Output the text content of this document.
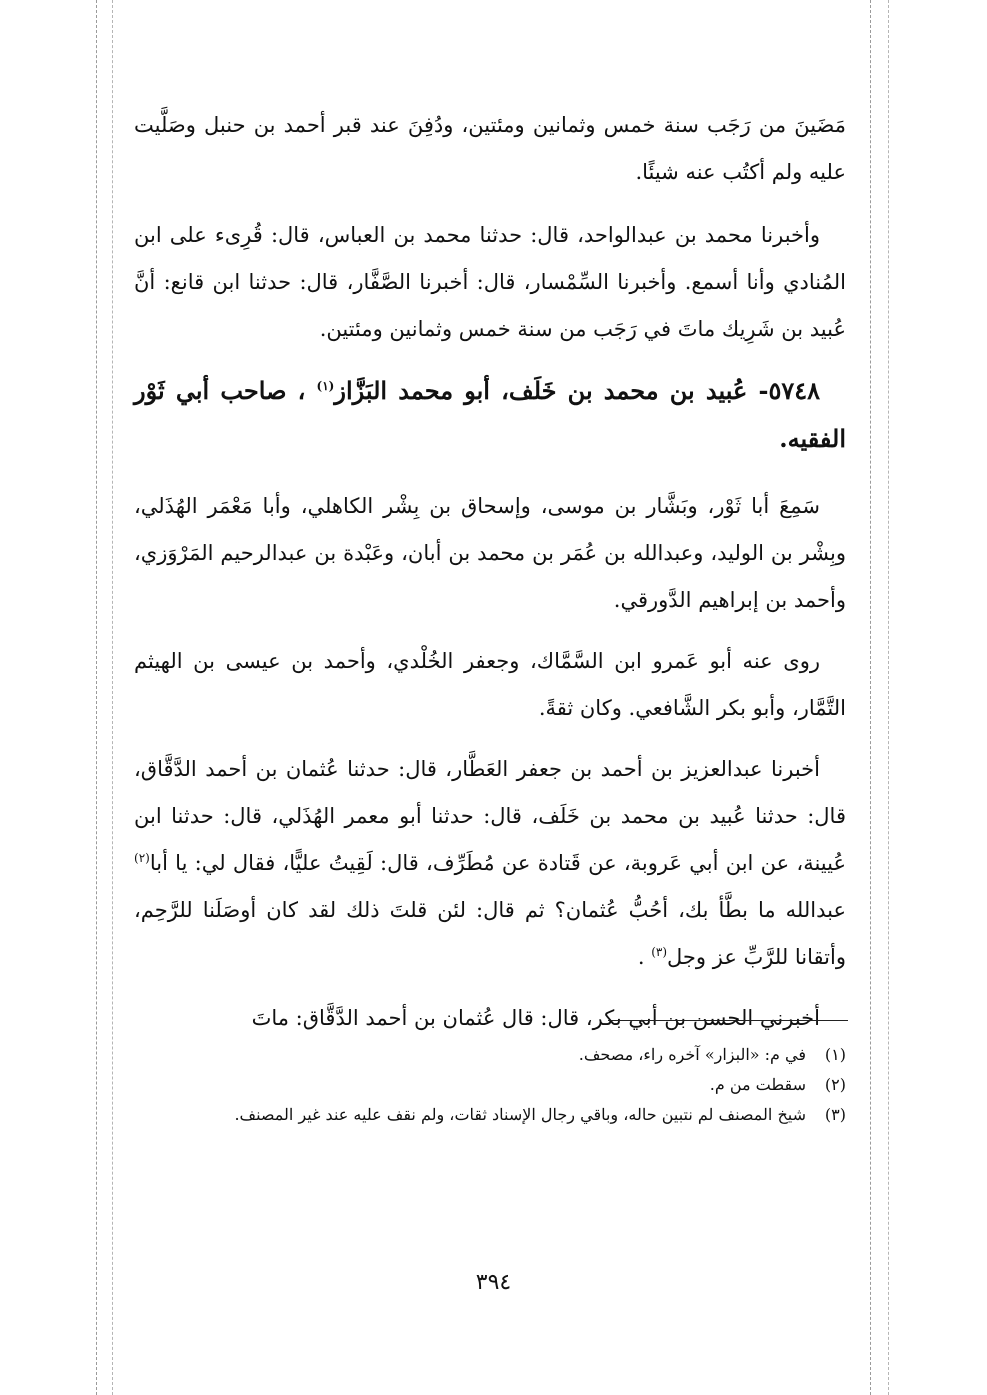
مَضَينَ من رَجَب سنة خمس وثمانين ومئتين، ودُفِنَ عند قبر أحمد بن حنبل وصَلَّيت عليه ولم أكتُب عنه شيئًا.

وأخبرنا محمد بن عبدالواحد، قال: حدثنا محمد بن العباس، قال: قُرِىء على ابن المُنادي وأنا أسمع. وأخبرنا السِّمْسار، قال: أخبرنا الصَّفَّار، قال: حدثنا ابن قانع: أنَّ عُبيد بن شَرِيك ماتَ في رَجَب من سنة خمس وثمانين ومئتين.

٥٧٤٨- عُبيد بن محمد بن خَلَف، أبو محمد البَزَّاز$^{(١)}$ ، صاحب أبي ثَوْر الفقيه.

سَمِعَ أبا ثَوْر، وبَشَّار بن موسى، وإسحاق بن بِشْر الكاهلي، وأبا مَعْمَر الهُذَلي، وبِشْر بن الوليد، وعبدالله بن عُمَر بن محمد بن أبان، وعَبْدة بن عبدالرحيم المَرْوَزي، وأحمد بن إبراهيم الدَّورقي.

روى عنه أبو عَمرو ابن السَّمَّاك، وجعفر الخُلْدي، وأحمد بن عيسى بن الهيثم التَّمَّار، وأبو بكر الشَّافعي. وكان ثقةً.

أخبرنا عبدالعزيز بن أحمد بن جعفر العَطَّار، قال: حدثنا عُثمان بن أحمد الدَّقَّاق، قال: حدثنا عُبيد بن محمد بن خَلَف، قال: حدثنا أبو معمر الهُذَلي، قال: حدثنا ابن عُيينة، عن ابن أبي عَروبة، عن قَتادة عن مُطَرِّف، قال: لَقِيتُ عليًّا، فقال لي: يا أبا$^{(٢)}$ عبدالله ما بطَّأ بك، أحُبُّ عُثمان؟ ثم قال: لئن قلتَ ذلك لقد كان أوصَلَنا للرَّحِم، وأتقانا للرَّبِّ عز وجل$^{(٣)}$ .

أخبرني الحسن بن أبي بكر، قال: قال عُثمان بن أحمد الدَّقَّاق: ماتَ

(١)
في م: «البزار» آخره راء، مصحف.
(٢)
سقطت من م.
(٣)
شيخ المصنف لم نتبين حاله، وباقي رجال الإسناد ثقات، ولم نقف عليه عند غير المصنف.
٣٩٤
